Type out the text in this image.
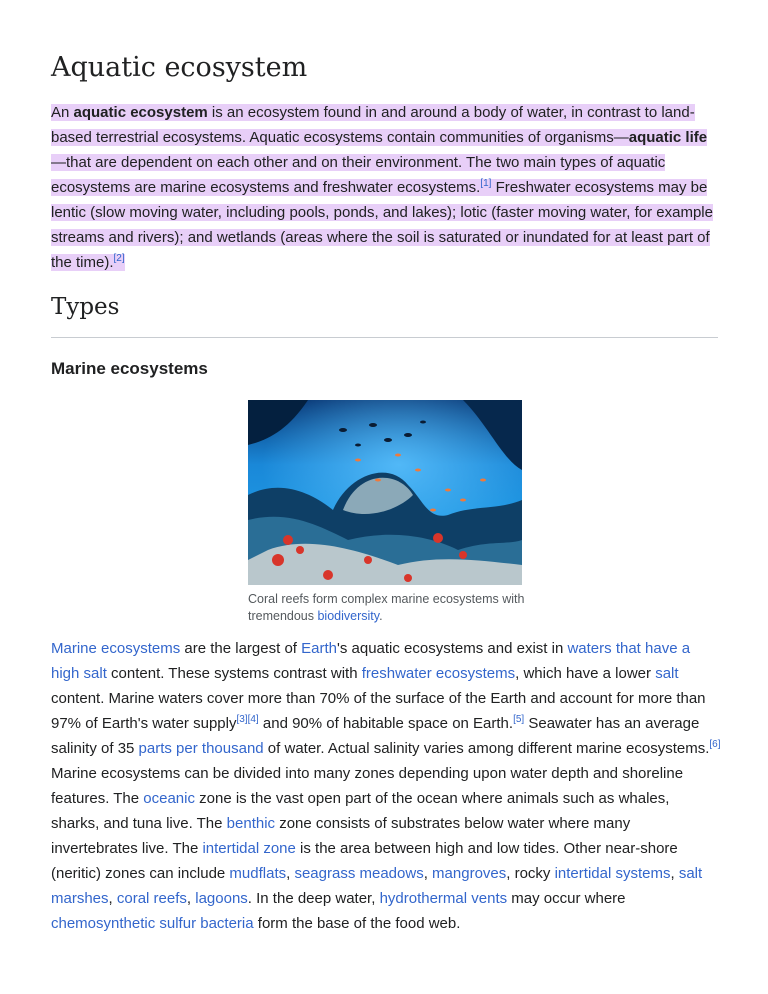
Aquatic ecosystem

An aquatic ecosystem is an ecosystem found in and around a body of water, in contrast to land-based terrestrial ecosystems. Aquatic ecosystems contain communities of organisms—aquatic life—that are dependent on each other and on their environment. The two main types of aquatic ecosystems are marine ecosystems and freshwater ecosystems.[1] Freshwater ecosystems may be lentic (slow moving water, including pools, ponds, and lakes); lotic (faster moving water, for example streams and rivers); and wetlands (areas where the soil is saturated or inundated for at least part of the time).[2]

Types
Marine ecosystems

Coral reefs form complex marine ecosystems with tremendous biodiversity.

Marine ecosystems are the largest of Earth's aquatic ecosystems and exist in waters that have a high salt content. These systems contrast with freshwater ecosystems, which have a lower salt content. Marine waters cover more than 70% of the surface of the Earth and account for more than 97% of Earth's water supply[3][4] and 90% of habitable space on Earth.[5] Seawater has an average salinity of 35 parts per thousand of water. Actual salinity varies among different marine ecosystems.[6] Marine ecosystems can be divided into many zones depending upon water depth and shoreline features. The oceanic zone is the vast open part of the ocean where animals such as whales, sharks, and tuna live. The benthic zone consists of substrates below water where many invertebrates live. The intertidal zone is the area between high and low tides. Other near-shore (neritic) zones can include mudflats, seagrass meadows, mangroves, rocky intertidal systems, salt marshes, coral reefs, lagoons. In the deep water, hydrothermal vents may occur where chemosynthetic sulfur bacteria form the base of the food web.
